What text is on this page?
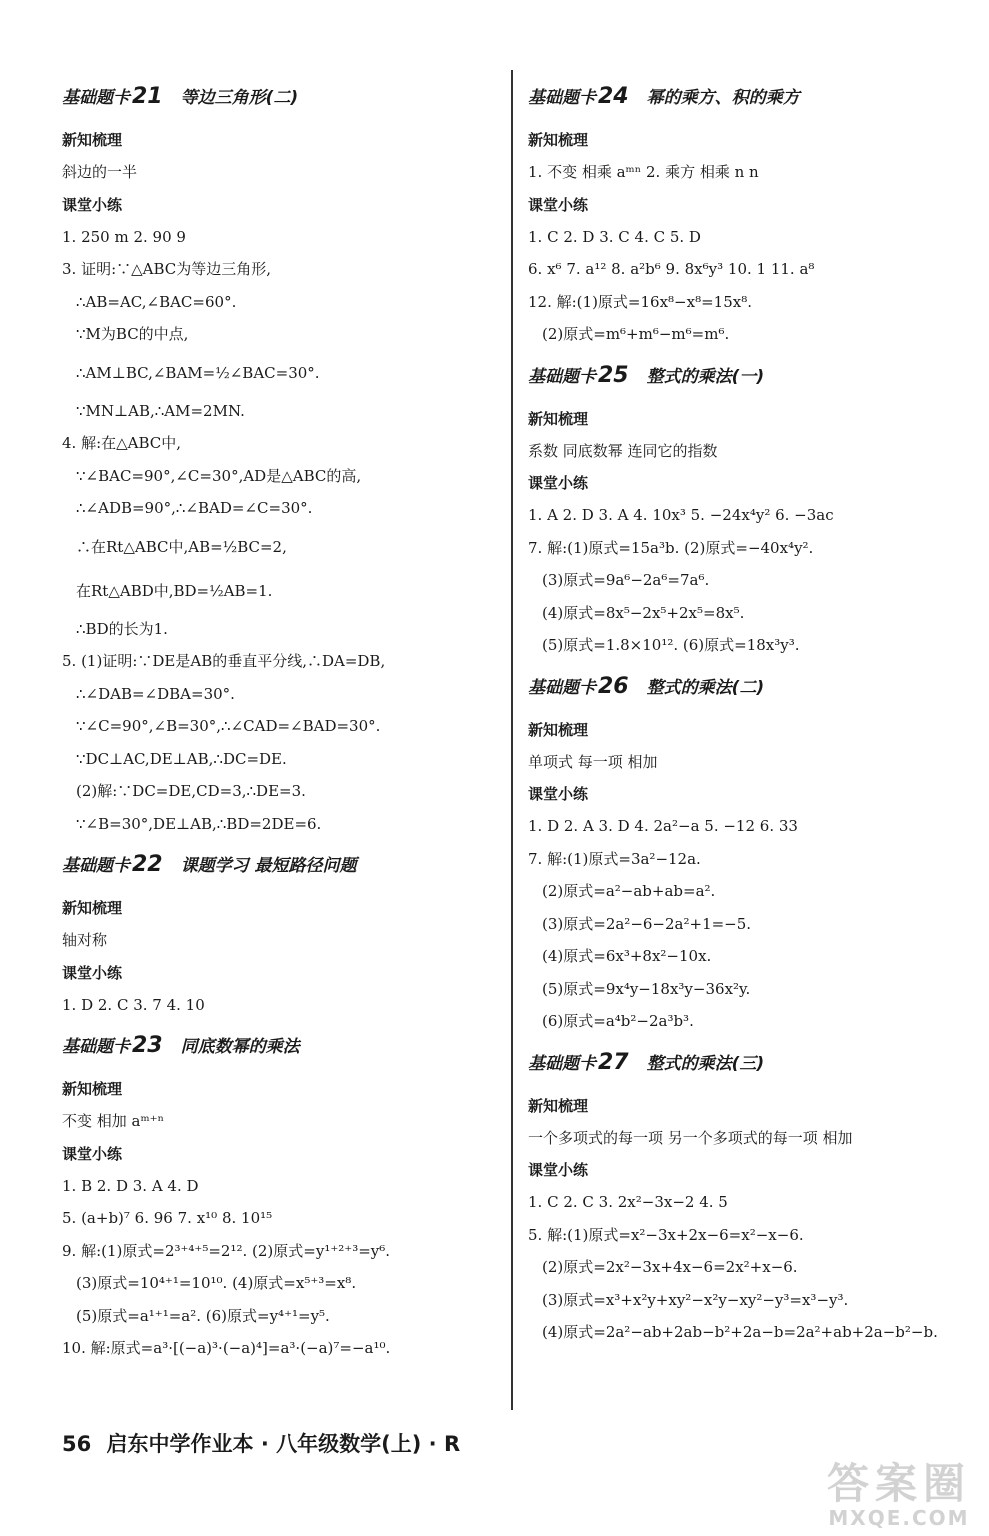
基础题卡21 等边三角形(二)
新知梳理
斜边的一半
课堂小练
1. 250 m 2. 90 9
3. 证明:∵△ABC为等边三角形,
∴AB=AC,∠BAC=60°.
∵M为BC的中点,
∴AM⊥BC,∠BAM=½∠BAC=30°.
∵MN⊥AB,∴AM=2MN.
4. 解:在△ABC中,
∵∠BAC=90°,∠C=30°,AD是△ABC的高,
∴∠ADB=90°,∴∠BAD=∠C=30°.
∴在Rt△ABC中,AB=½BC=2,
在Rt△ABD中,BD=½AB=1.
∴BD的长为1.
5. (1)证明:∵DE是AB的垂直平分线,∴DA=DB,
∴∠DAB=∠DBA=30°.
∵∠C=90°,∠B=30°,∴∠CAD=∠BAD=30°.
∵DC⊥AC,DE⊥AB,∴DC=DE.
(2)解:∵DC=DE,CD=3,∴DE=3.
∵∠B=30°,DE⊥AB,∴BD=2DE=6.
基础题卡22 课题学习 最短路径问题
新知梳理
轴对称
课堂小练
1. D 2. C 3. 7 4. 10
基础题卡23 同底数幂的乘法
新知梳理
不变 相加 aᵐ⁺ⁿ
课堂小练
1. B 2. D 3. A 4. D
5. (a+b)⁷ 6. 96 7. x¹⁰ 8. 10¹⁵
9. 解:(1)原式=2³⁺⁴⁺⁵=2¹². (2)原式=y¹⁺²⁺³=y⁶.
(3)原式=10⁴⁺¹=10¹⁰. (4)原式=x⁵⁺³=x⁸.
(5)原式=a¹⁺¹=a². (6)原式=y⁴⁺¹=y⁵.
10. 解:原式=a³·[(−a)³·(−a)⁴]=a³·(−a)⁷=−a¹⁰.
基础题卡24 幂的乘方、积的乘方
新知梳理
1. 不变 相乘 aᵐⁿ 2. 乘方 相乘 n n
课堂小练
1. C 2. D 3. C 4. C 5. D
6. x⁶ 7. a¹² 8. a²b⁶ 9. 8x⁶y³ 10. 1 11. a⁸
12. 解:(1)原式=16x⁸−x⁸=15x⁸.
(2)原式=m⁶+m⁶−m⁶=m⁶.
基础题卡25 整式的乘法(一)
新知梳理
系数 同底数幂 连同它的指数
课堂小练
1. A 2. D 3. A 4. 10x³ 5. −24x⁴y² 6. −3ac
7. 解:(1)原式=15a³b. (2)原式=−40x⁴y².
(3)原式=9a⁶−2a⁶=7a⁶.
(4)原式=8x⁵−2x⁵+2x⁵=8x⁵.
(5)原式=1.8×10¹². (6)原式=18x³y³.
基础题卡26 整式的乘法(二)
新知梳理
单项式 每一项 相加
课堂小练
1. D 2. A 3. D 4. 2a²−a 5. −12 6. 33
7. 解:(1)原式=3a²−12a.
(2)原式=a²−ab+ab=a².
(3)原式=2a²−6−2a²+1=−5.
(4)原式=6x³+8x²−10x.
(5)原式=9x⁴y−18x³y−36x²y.
(6)原式=a⁴b²−2a³b³.
基础题卡27 整式的乘法(三)
新知梳理
一个多项式的每一项 另一个多项式的每一项 相加
课堂小练
1. C 2. C 3. 2x²−3x−2 4. 5
5. 解:(1)原式=x²−3x+2x−6=x²−x−6.
(2)原式=2x²−3x+4x−6=2x²+x−6.
(3)原式=x³+x²y+xy²−x²y−xy²−y³=x³−y³.
(4)原式=2a²−ab+2ab−b²+2a−b=2a²+ab+2a−b²−b.
56 启东中学作业本 · 八年级数学(上) · R
答案圈
MXQE.COM
